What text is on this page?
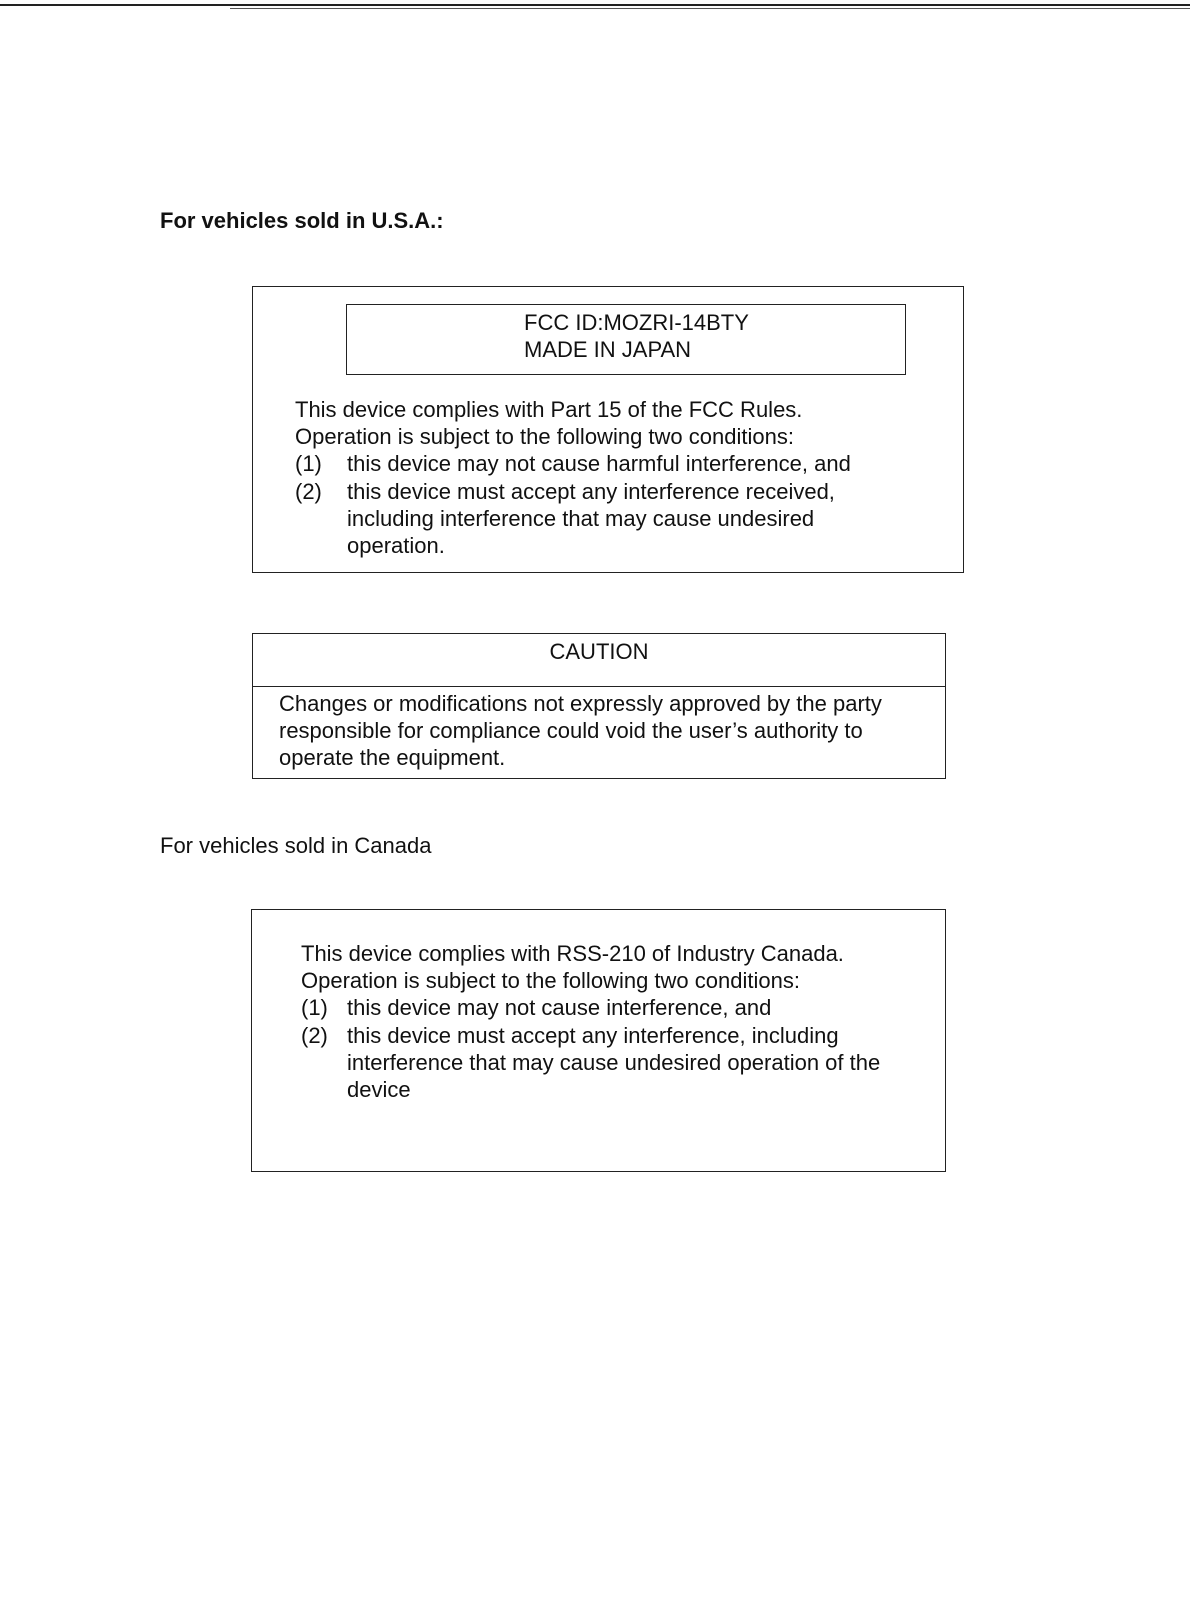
For vehicles sold in U.S.A.:
FCC ID:MOZRI-14BTY
MADE IN JAPAN
This device complies with Part 15 of the FCC Rules.
Operation is subject to the following two conditions:
(1)	this device may not cause harmful interference, and
(2)	this device must accept any interference received,
including interference that may cause undesired
operation.
CAUTION
Changes or modifications not expressly approved by the party
responsible for compliance could void the user’s authority to
operate the equipment.
For vehicles sold in Canada
This device complies with RSS-210 of Industry Canada.
Operation is subject to the following two conditions:
(1) this device may not cause interference, and
(2) this device must accept any interference, including
interference that may cause undesired operation of the
device
